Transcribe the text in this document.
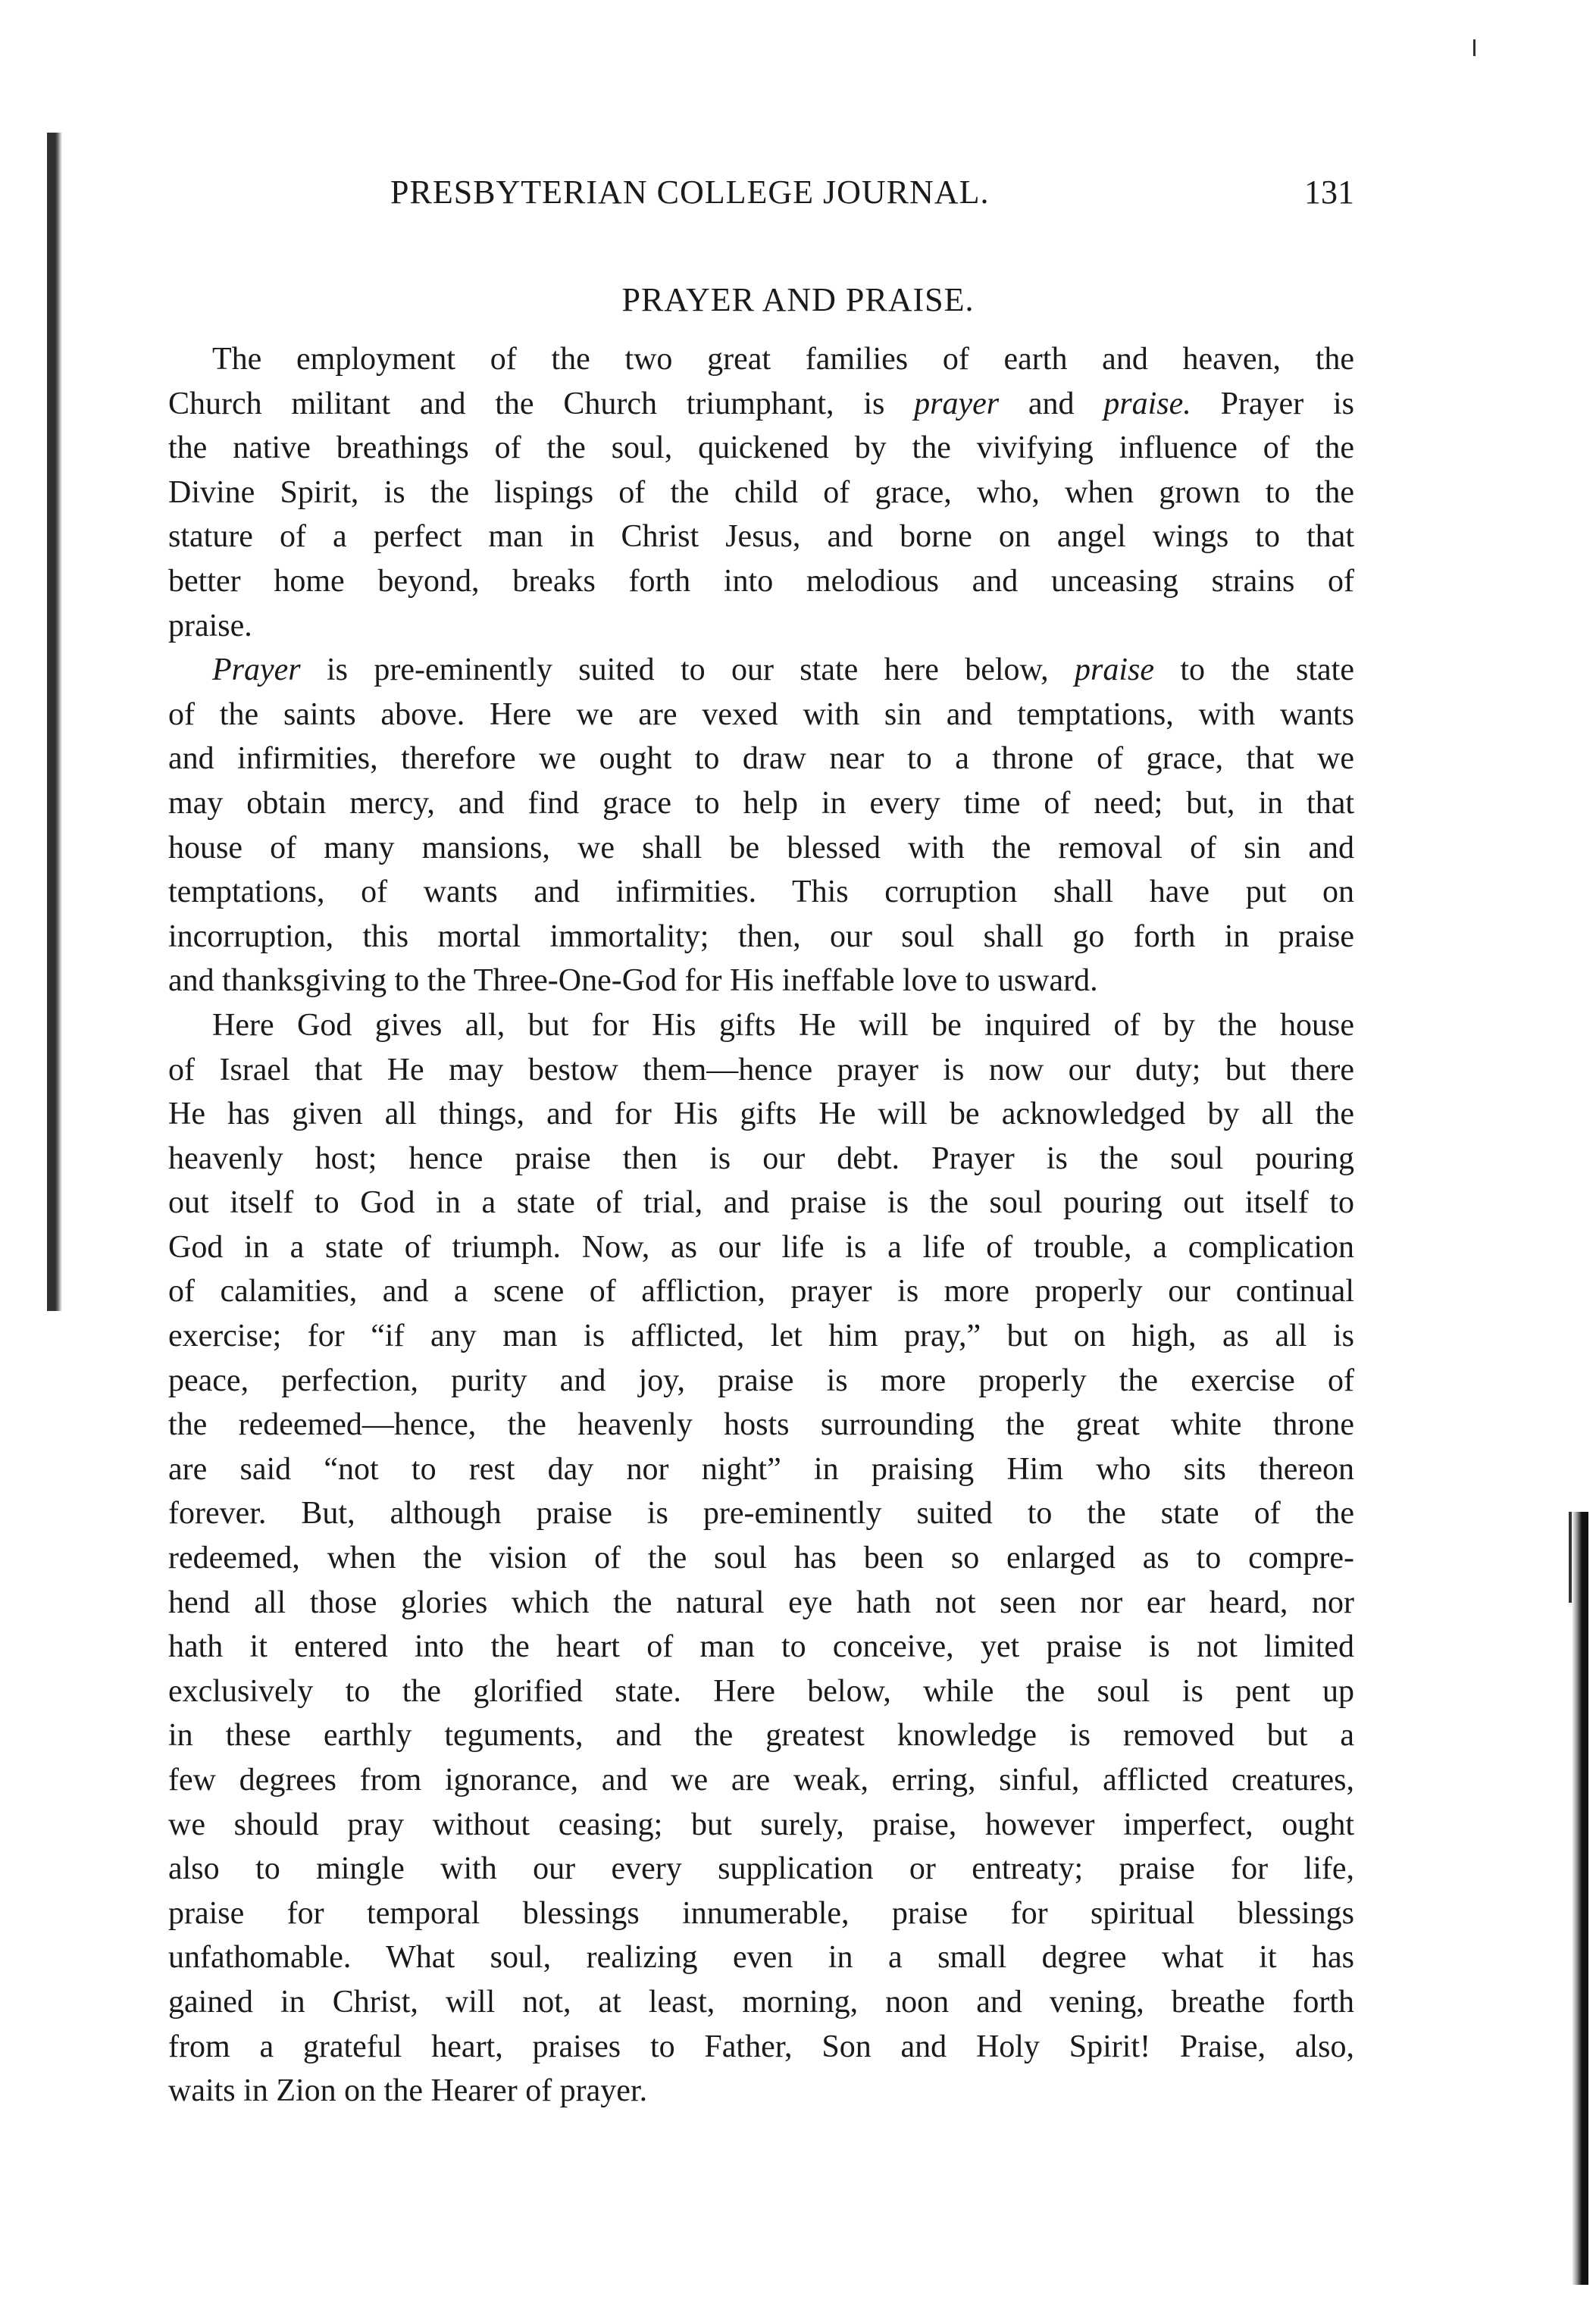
PRESBYTERIAN COLLEGE JOURNAL.	131
PRAYER AND PRAISE.
The employment of the two great families of earth and heaven, the
Church militant and the Church triumphant, is prayer and praise. Prayer is
the native breathings of the soul, quickened by the vivifying influence of the
Divine Spirit, is the lispings of the child of grace, who, when grown to the
stature of a perfect man in Christ Jesus, and borne on angel wings to that
better home beyond, breaks forth into melodious and unceasing strains of
praise.
Prayer is pre-eminently suited to our state here below, praise to the state
of the saints above. Here we are vexed with sin and temptations, with wants
and infirmities, therefore we ought to draw near to a throne of grace, that we
may obtain mercy, and find grace to help in every time of need; but, in that
house of many mansions, we shall be blessed with the removal of sin and
temptations, of wants and infirmities. This corruption shall have put on
incorruption, this mortal immortality; then, our soul shall go forth in praise
and thanksgiving to the Three-One-God for His ineffable love to usward.
Here God gives all, but for His gifts He will be inquired of by the house
of Israel that He may bestow them—hence prayer is now our duty; but there
He has given all things, and for His gifts He will be acknowledged by all the
heavenly host; hence praise then is our debt. Prayer is the soul pouring
out itself to God in a state of trial, and praise is the soul pouring out itself to
God in a state of triumph. Now, as our life is a life of trouble, a complication
of calamities, and a scene of affliction, prayer is more properly our continual
exercise; for “if any man is afflicted, let him pray,” but on high, as all is
peace, perfection, purity and joy, praise is more properly the exercise of
the redeemed—hence, the heavenly hosts surrounding the great white throne
are said “not to rest day nor night” in praising Him who sits thereon
forever. But, although praise is pre-eminently suited to the state of the
redeemed, when the vision of the soul has been so enlarged as to compre-
hend all those glories which the natural eye hath not seen nor ear heard, nor
hath it entered into the heart of man to conceive, yet praise is not limited
exclusively to the glorified state. Here below, while the soul is pent up
in these earthly teguments, and the greatest knowledge is removed but a
few degrees from ignorance, and we are weak, erring, sinful, afflicted creatures,
we should pray without ceasing; but surely, praise, however imperfect, ought
also to mingle with our every supplication or entreaty; praise for life,
praise for temporal blessings innumerable, praise for spiritual blessings
unfathomable. What soul, realizing even in a small degree what it has
gained in Christ, will not, at least, morning, noon and vening, breathe forth
from a grateful heart, praises to Father, Son and Holy Spirit! Praise, also,
waits in Zion on the Hearer of prayer.
